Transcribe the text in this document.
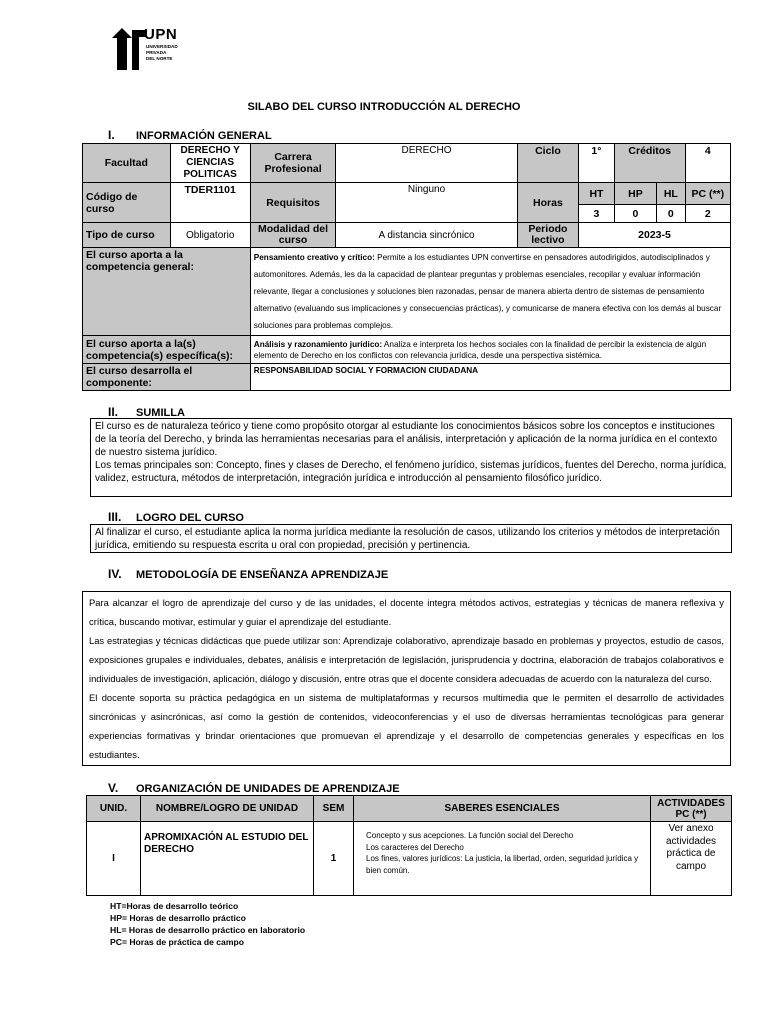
UPN
UNIVERSIDAD
PRIVADA
DEL NORTE
SILABO DEL CURSO INTRODUCCIÓN AL DERECHO
I. INFORMACIÓN GENERAL
Facultad	DERECHO Y CIENCIAS POLITICAS	Carrera Profesional	DERECHO	Ciclo	1°	Créditos		4
Código de curso	TDER1101	Requisitos	Ninguno	Horas	HT	HP	HL	PC (**)
					3	0	0	2
Tipo de curso	Obligatorio	Modalidad del curso	A distancia sincrónico	Periodo lectivo	2023-5			
El curso aporta a la competencia general:		Pensamiento creativo y crítico: Permite a los estudiantes UPN convertirse en pensadores autodirigidos, autodisciplinados y automonitores. Además, les da la capacidad de plantear preguntas y problemas esenciales, recopilar y evaluar información relevante, llegar a conclusiones y soluciones bien razonadas, pensar de manera abierta dentro de sistemas de pensamiento alternativo (evaluando sus implicaciones y consecuencias prácticas), y comunicarse de manera efectiva con los demás al buscar soluciones para problemas complejos.						
El curso aporta a la(s) competencia(s) específica(s):		Análisis y razonamiento jurídico: Analiza e interpreta los hechos sociales con la finalidad de percibir la existencia de algún elemento de Derecho en los conflictos con relevancia jurídica, desde una perspectiva sistémica.						
El curso desarrolla el componente:		RESPONSABILIDAD SOCIAL Y FORMACION CIUDADANA						
II. SUMILLA

El curso es de naturaleza teórico y tiene como propósito otorgar al estudiante los conocimientos básicos sobre los conceptos e instituciones de la teoría del Derecho, y brinda las herramientas necesarias para el análisis, interpretación y aplicación de la norma jurídica en el contexto de nuestro sistema jurídico.

Los temas principales son: Concepto, fines y clases de Derecho, el fenómeno jurídico, sistemas jurídicos, fuentes del Derecho, norma jurídica, validez, estructura, métodos de interpretación, integración jurídica e introducción al pensamiento filosófico jurídico.

III. LOGRO DEL CURSO

Al finalizar el curso, el estudiante aplica la norma jurídica mediante la resolución de casos, utilizando los criterios y métodos de interpretación jurídica, emitiendo su respuesta escrita u oral con propiedad, precisión y pertinencia.

IV. METODOLOGÍA DE ENSEÑANZA APRENDIZAJE

Para alcanzar el logro de aprendizaje del curso y de las unidades, el docente integra métodos activos, estrategias y técnicas de manera reflexiva y crítica, buscando motivar, estimular y guiar el aprendizaje del estudiante.

Las estrategias y técnicas didácticas que puede utilizar son: Aprendizaje colaborativo, aprendizaje basado en problemas y proyectos, estudio de casos, exposiciones grupales e individuales, debates, análisis e interpretación de legislación, jurisprudencia y doctrina, elaboración de trabajos colaborativos e individuales de investigación, aplicación, diálogo y discusión, entre otras que el docente considera adecuadas de acuerdo con la naturaleza del curso.

El docente soporta su práctica pedagógica en un sistema de multiplataformas y recursos multimedia que le permiten el desarrollo de actividades sincrónicas y asincrónicas, así como la gestión de contenidos, videoconferencias y el uso de diversas herramientas tecnológicas para generar experiencias formativas y brindar orientaciones que promuevan el aprendizaje y el desarrollo de competencias generales y específicas en los estudiantes.

V. ORGANIZACIÓN DE UNIDADES DE APRENDIZAJE
UNID.	NOMBRE/LOGRO DE UNIDAD	SEM	SABERES ESENCIALES	ACTIVIDADES PC (**)
I	APROMIXACIÓN AL ESTUDIO DEL DERECHO	1	Concepto y sus acepciones. La función social del Derecho
Los caracteres del Derecho
Los fines, valores jurídicos: La justicia, la libertad, orden, seguridad jurídica y bien común.	Ver anexo actividades práctica de campo
HT=Horas de desarrollo teórico
HP= Horas de desarrollo práctico
HL= Horas de desarrollo práctico en laboratorio
PC= Horas de práctica de campo
